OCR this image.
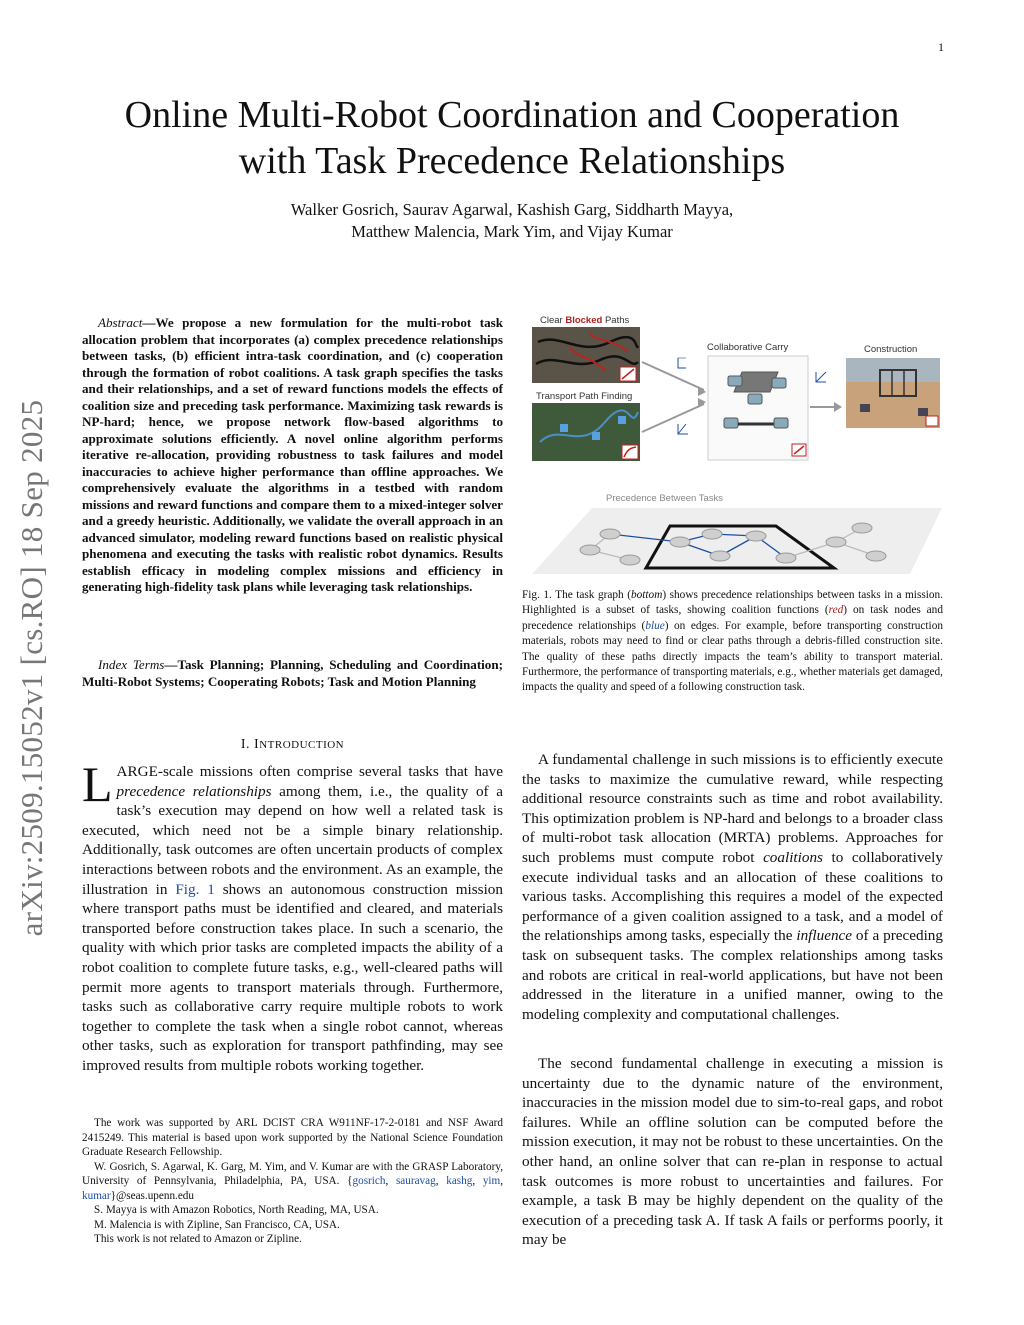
1
Online Multi-Robot Coordination and Cooperation
with Task Precedence Relationships
Walker Gosrich, Saurav Agarwal, Kashish Garg, Siddharth Mayya,
Matthew Malencia, Mark Yim, and Vijay Kumar
arXiv:2509.15052v1 [cs.RO] 18 Sep 2025
Abstract—We propose a new formulation for the multi-robot task allocation problem that incorporates (a) complex precedence relationships between tasks, (b) efficient intra-task coordination, and (c) cooperation through the formation of robot coalitions. A task graph specifies the tasks and their relationships, and a set of reward functions models the effects of coalition size and preceding task performance. Maximizing task rewards is NP-hard; hence, we propose network flow-based algorithms to approximate solutions efficiently. A novel online algorithm performs iterative re-allocation, providing robustness to task failures and model inaccuracies to achieve higher performance than offline approaches. We comprehensively evaluate the algorithms in a testbed with random missions and reward functions and compare them to a mixed-integer solver and a greedy heuristic. Additionally, we validate the overall approach in an advanced simulator, modeling reward functions based on realistic physical phenomena and executing the tasks with realistic robot dynamics. Results establish efficacy in modeling complex missions and efficiency in generating high-fidelity task plans while leveraging task relationships.
Index Terms—Task Planning; Planning, Scheduling and Coordination; Multi-Robot Systems; Cooperating Robots; Task and Motion Planning
I. INTRODUCTION
LARGE-scale missions often comprise several tasks that have precedence relationships among them, i.e., the quality of a task’s execution may depend on how well a related task is executed, which need not be a simple binary relationship. Additionally, task outcomes are often uncertain products of complex interactions between robots and the environment. As an example, the illustration in Fig. 1 shows an autonomous construction mission where transport paths must be identified and cleared, and materials transported before construction takes place. In such a scenario, the quality with which prior tasks are completed impacts the ability of a robot coalition to complete future tasks, e.g., well-cleared paths will permit more agents to transport materials through. Furthermore, tasks such as collaborative carry require multiple robots to work together to complete the task when a single robot cannot, whereas other tasks, such as exploration for transport pathfinding, may see improved results from multiple robots working together.

The work was supported by ARL DCIST CRA W911NF-17-2-0181 and NSF Award 2415249. This material is based upon work supported by the National Science Foundation Graduate Research Fellowship.

W. Gosrich, S. Agarwal, K. Garg, M. Yim, and V. Kumar are with the GRASP Laboratory, University of Pennsylvania, Philadelphia, PA, USA. {gosrich, sauravag, kashg, yim, kumar}@seas.upenn.edu

S. Mayya is with Amazon Robotics, North Reading, MA, USA.

M. Malencia is with Zipline, San Francisco, CA, USA.

This work is not related to Amazon or Zipline.

Clear Blocked Paths
Transport Path Finding
Collaborative Carry	Construction
Precedence Between Tasks
Fig. 1. The task graph (bottom) shows precedence relationships between tasks in a mission. Highlighted is a subset of tasks, showing coalition functions (red) on task nodes and precedence relationships (blue) on edges. For example, before transporting construction materials, robots may need to find or clear paths through a debris-filled construction site. The quality of these paths directly impacts the team’s ability to transport material. Furthermore, the performance of transporting materials, e.g., whether materials get damaged, impacts the quality and speed of a following construction task.
A fundamental challenge in such missions is to efficiently execute the tasks to maximize the cumulative reward, while respecting additional resource constraints such as time and robot availability. This optimization problem is NP-hard and belongs to a broader class of multi-robot task allocation (MRTA) problems. Approaches for such problems must compute robot coalitions to collaboratively execute individual tasks and an allocation of these coalitions to various tasks. Accomplishing this requires a model of the expected performance of a given coalition assigned to a task, and a model of the relationships among tasks, especially the influence of a preceding task on subsequent tasks. The complex relationships among tasks and robots are critical in real-world applications, but have not been addressed in the literature in a unified manner, owing to the modeling complexity and computational challenges.
The second fundamental challenge in executing a mission is uncertainty due to the dynamic nature of the environment, inaccuracies in the mission model due to sim-to-real gaps, and robot failures. While an offline solution can be computed before the mission execution, it may not be robust to these uncertainties. On the other hand, an online solver that can re-plan in response to actual task outcomes is more robust to uncertainties and failures. For example, a task B may be highly dependent on the quality of the execution of a preceding task A. If task A fails or performs poorly, it may be
